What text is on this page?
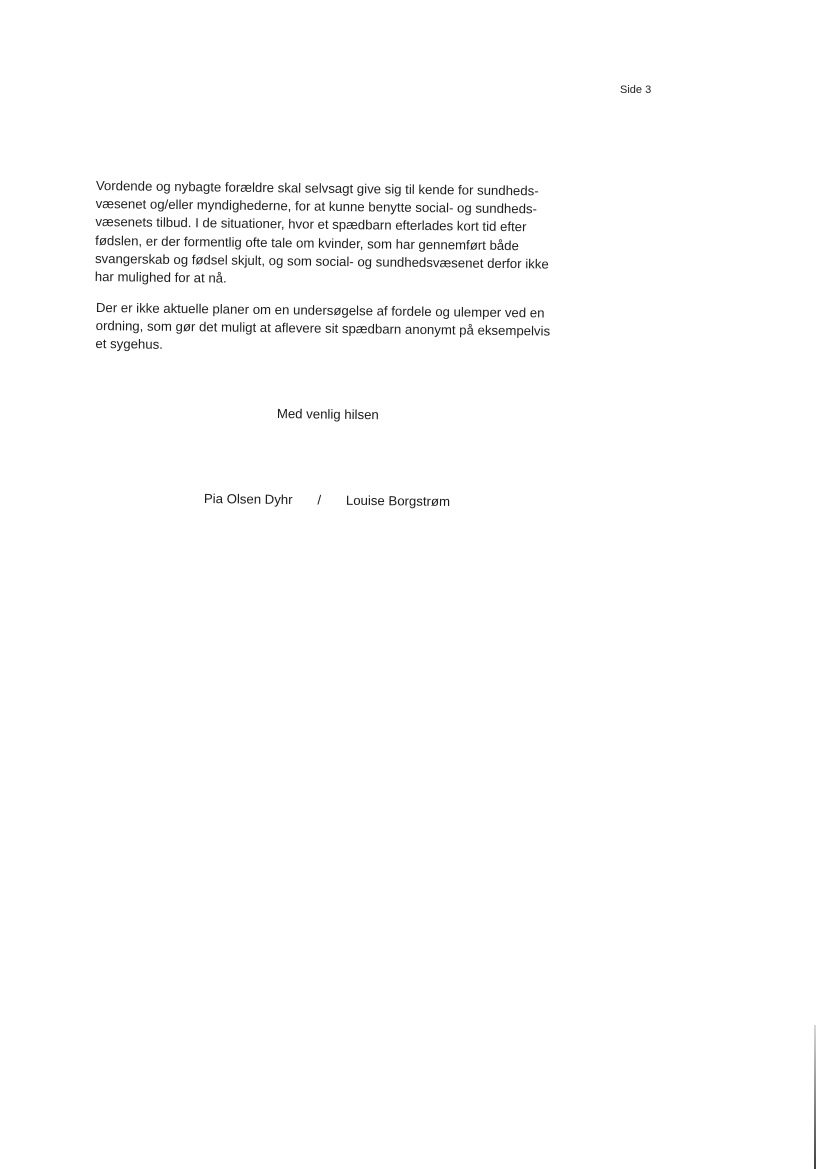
Side 3

Vordende og nybagte forældre skal selvsagt give sig til kende for sundheds-
væsenet og/eller myndighederne, for at kunne benytte social- og sundheds-
væsenets tilbud. I de situationer, hvor et spædbarn efterlades kort tid efter
fødslen, er der formentlig ofte tale om kvinder, som har gennemført både
svangerskab og fødsel skjult, og som social- og sundhedsvæsenet derfor ikke
har mulighed for at nå.

Der er ikke aktuelle planer om en undersøgelse af fordele og ulemper ved en
ordning, som gør det muligt at aflevere sit spædbarn anonymt på eksempelvis
et sygehus.

Med venlig hilsen
Pia Olsen Dyhr / Louise Borgstrøm
